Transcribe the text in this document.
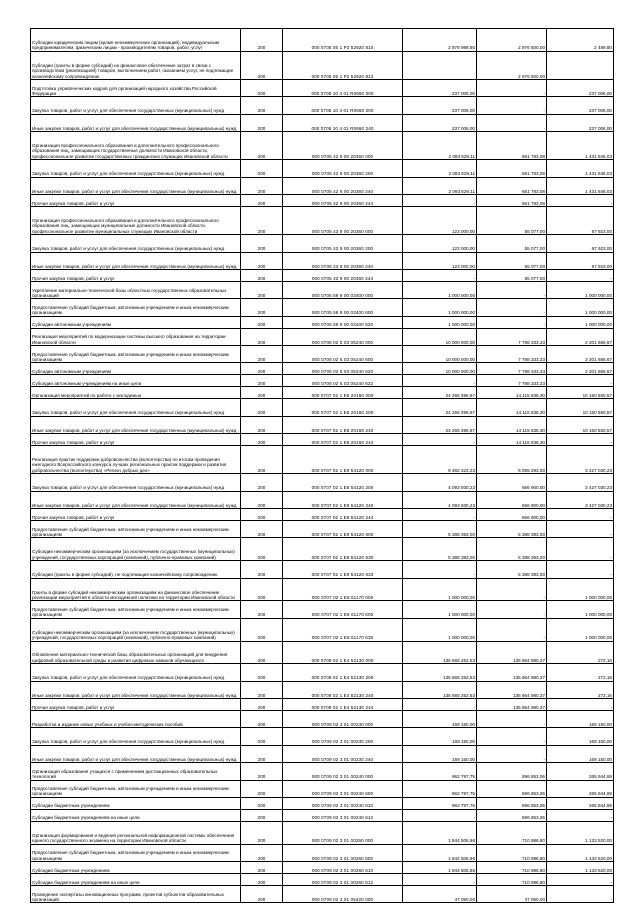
Субсидии юридическим лицам (кроме некоммерческих организаций), индивидуальным предпринимателям, физическим лицам - производителям товаров, работ, услуг	200	000 0705 05 1 P2 52920 810	2 978 989,80	2 976 500,00	2 489,80
Субсидии (гранты в форме субсидий) на финансовое обеспечение затрат в связи с производством (реализацией) товаров, выполнением работ, оказанием услуг, не подлежащие казначейскому сопровождению	200	000 0705 05 1 P2 52920 813		2 976 500,00	
Подготовка управленческих кадров для организаций народного хозяйства Российской Федерации	200	000 0705 10 4 01 R0660 000	237 006,00	-	237 006,00
Закупка товаров, работ и услуг для обеспечения государственных (муниципальных) нужд	200	000 0705 10 4 01 R0660 200	237 006,00	-	237 006,00
Иные закупки товаров, работ и услуг для обеспечения государственных (муниципальных) нужд	200	000 0705 10 4 01 R0660 240	237 006,00	-	237 006,00
Организация профессионального образования и дополнительного профессионального образования лиц, замещающих государственные должности Ивановской области, профессиональное развитие государственных гражданских служащих Ивановской области	200	000 0705 42 9 00 20360 000	2 093 629,11	661 783,08	1 431 846,03
Закупка товаров, работ и услуг для обеспечения государственных (муниципальных) нужд	200	000 0705 42 9 00 20360 200	2 093 629,11	661 783,08	1 431 846,03
Иные закупки товаров, работ и услуг для обеспечения государственных (муниципальных) нужд	200	000 0705 42 9 00 20360 240	2 093 629,11	661 783,08	1 431 846,03
Прочая закупка товаров, работ и услуг	200	000 0705 42 9 00 20360 244	-	661 783,08	-
Организация профессионального образования и дополнительного профессионального образования лиц, замещающих муниципальные должности Ивановской области, профессиональное развитие муниципальных служащих Ивановской области	200	000 0705 43 9 00 20360 000	123 000,00	55 077,00	67 923,00
Закупка товаров, работ и услуг для обеспечения государственных (муниципальных) нужд	200	000 0705 43 9 00 20360 200	123 000,00	55 077,00	67 923,00
Иные закупки товаров, работ и услуг для обеспечения государственных (муниципальных) нужд	200	000 0705 43 9 00 20360 240	123 000,00	55 077,00	67 923,00
Прочая закупка товаров, работ и услуг	200	000 0705 43 9 00 20360 244	-	55 077,00	-
Укрепление материально-технической базы областных государственных образовательных организаций	200	000 0705 59 9 00 03400 000	1 000 000,00	-	1 000 000,00
Предоставление субсидий бюджетным, автономным учреждениям и иным некоммерческим организациям	200	000 0705 59 9 00 03400 600	1 000 000,00	-	1 000 000,00
Субсидии автономным учреждениям	200	000 0705 59 9 00 03400 620	1 000 000,00	-	1 000 000,00
Реализация мероприятий по модернизации системы высшего образования на территории Ивановской области	200	000 0706 02 5 03 05240 000	10 000 000,00	7 798 333,33	2 201 666,67
Предоставление субсидий бюджетным, автономным учреждениям и иным некоммерческим организациям	200	000 0706 02 5 03 05240 600	10 000 000,00	7 798 333,33	2 201 666,67
Субсидии автономным учреждениям	200	000 0706 02 5 03 05240 620	10 000 000,00	7 798 333,33	2 201 666,67
Субсидии автономным учреждениям на иные цели	200	000 0706 02 5 03 05240 622	-	7 798 333,33	-
Организация мероприятий по работе с молодежью	200	000 0707 02 1 E8 20160 000	24 266 396,67	14 115 838,30	10 150 560,57
Закупка товаров, работ и услуг для обеспечения государственных (муниципальных) нужд	200	000 0707 02 1 E8 20160 200	24 266 396,67	14 115 838,30	10 150 560,57
Иные закупки товаров, работ и услуг для обеспечения государственных (муниципальных) нужд	200	000 0707 02 1 E8 20160 240	24 266 396,67	14 115 838,30	10 150 560,57
Прочая закупка товаров, работ и услуг	200	000 0707 02 1 E8 20160 244	-	14 115 838,30	-
Реализация практик поддержки добровольчества (волонтерства) по итогам проведения ежегодного Всероссийского конкурса лучших региональных практик поддержки и развития добровольчества (волонтерства) «Регион добрых дел»	200	000 0707 02 1 E8 54120 000	9 482 323,23	6 055 293,00	3 427 030,23
Закупка товаров, работ и услуг для обеспечения государственных (муниципальных) нужд	200	000 0707 02 1 E8 54120 200	4 093 930,23	666 900,00	3 427 030,23
Иные закупки товаров, работ и услуг для обеспечения государственных (муниципальных) нужд	200	000 0707 02 1 E8 54120 240	4 093 930,23	666 900,00	3 427 030,23
Прочая закупка товаров, работ и услуг	200	000 0707 02 1 E8 54120 244	-	666 900,00	-
Предоставление субсидий бюджетным, автономным учреждениям и иным некоммерческим организациям	200	000 0707 02 1 E8 54120 600	5 388 393,00	5 388 393,00	-
Субсидии некоммерческим организациям (за исключением государственных (муниципальных) учреждений, государственных корпораций (компаний), публично-правовых компаний)	200	000 0707 02 1 E8 54120 630	5 388 393,00	5 388 393,00	-
Субсидии (гранты в форме субсидий), не подлежащие казначейскому сопровождению	200	000 0707 02 1 E8 54120 633	-	5 388 393,00	-
Гранты в форме субсидий некоммерческим организациям на финансовое обеспечение реализации мероприятий в области молодежной политики на территории Ивановской области	200	000 0707 02 1 E8 61170 000	1 000 000,00	-	1 000 000,00
Предоставление субсидий бюджетным, автономным учреждениям и иным некоммерческим организациям	200	000 0707 02 1 E8 61170 600	1 000 000,00	-	1 000 000,00
Субсидии некоммерческим организациям (за исключением государственных (муниципальных) учреждений, государственных корпораций (компаний), публично-правовых компаний)	200	000 0707 02 1 E8 61170 630	1 000 000,00	-	1 000 000,00
Обновление материально-технической базы образовательных организаций для внедрения цифровой образовательной среды и развития цифровых навыков обучающихся	200	000 0709 02 1 E4 52130 000	135 665 252,53	135 664 980,37	272,16
Закупка товаров, работ и услуг для обеспечения государственных (муниципальных) нужд	200	000 0709 02 1 E4 52130 200	135 665 252,53	135 664 980,37	272,16
Иные закупки товаров, работ и услуг для обеспечения государственных (муниципальных) нужд	200	000 0709 02 1 E4 52130 240	135 665 252,53	135 664 980,37	272,16
Прочая закупка товаров, работ и услуг	200	000 0709 02 1 E4 52130 244	-	135 664 980,37	-
Разработка и издание новых учебных и учебно-методических пособий	200	000 0709 02 3 01 00230 000	169 150,00	-	169 150,00
Закупка товаров, работ и услуг для обеспечения государственных (муниципальных) нужд	200	000 0709 02 3 01 00230 200	169 150,00	-	169 150,00
Иные закупки товаров, работ и услуг для обеспечения государственных (муниципальных) нужд	200	000 0709 02 3 01 00230 240	169 150,00	-	169 150,00
Организация образования учащихся с применением дистанционных образовательных технологий	200	000 0709 02 3 01 00240 000	962 797,75	696 853,06	265 944,69
Предоставление субсидий бюджетным, автономным учреждениям и иным некоммерческим организациям	200	000 0709 02 3 01 00240 600	962 797,75	696 853,06	265 944,69
Субсидии бюджетным учреждениям	200	000 0709 02 3 01 00240 610	962 797,75	696 853,06	265 944,69
Субсидии бюджетным учреждениям на иные цели	200	000 0709 02 3 01 00240 612	-	696 853,06	-
Организация формирования и ведения региональной информационной системы обеспечения единого государственного экзамена на территории Ивановской области	200	000 0709 02 3 01 00260 000	1 844 506,66	710 986,80	1 133 520,00
Предоставление субсидий бюджетным, автономным учреждениям и иным некоммерческим организациям	200	000 0709 02 3 01 00260 600	1 844 506,66	710 986,80	1 133 520,00
Субсидии бюджетным учреждениям	200	000 0709 02 3 01 00260 610	1 844 506,66	710 986,80	1 133 520,00
Субсидии бюджетным учреждениям на иные цели	200	000 0709 02 3 01 00260 612	-	710 986,80	-
Проведение экспертизы инновационных программ, проектов субъектов образовательных организаций	200	000 0709 02 3 01 05420 000	47 050,00	47 050,00	-
